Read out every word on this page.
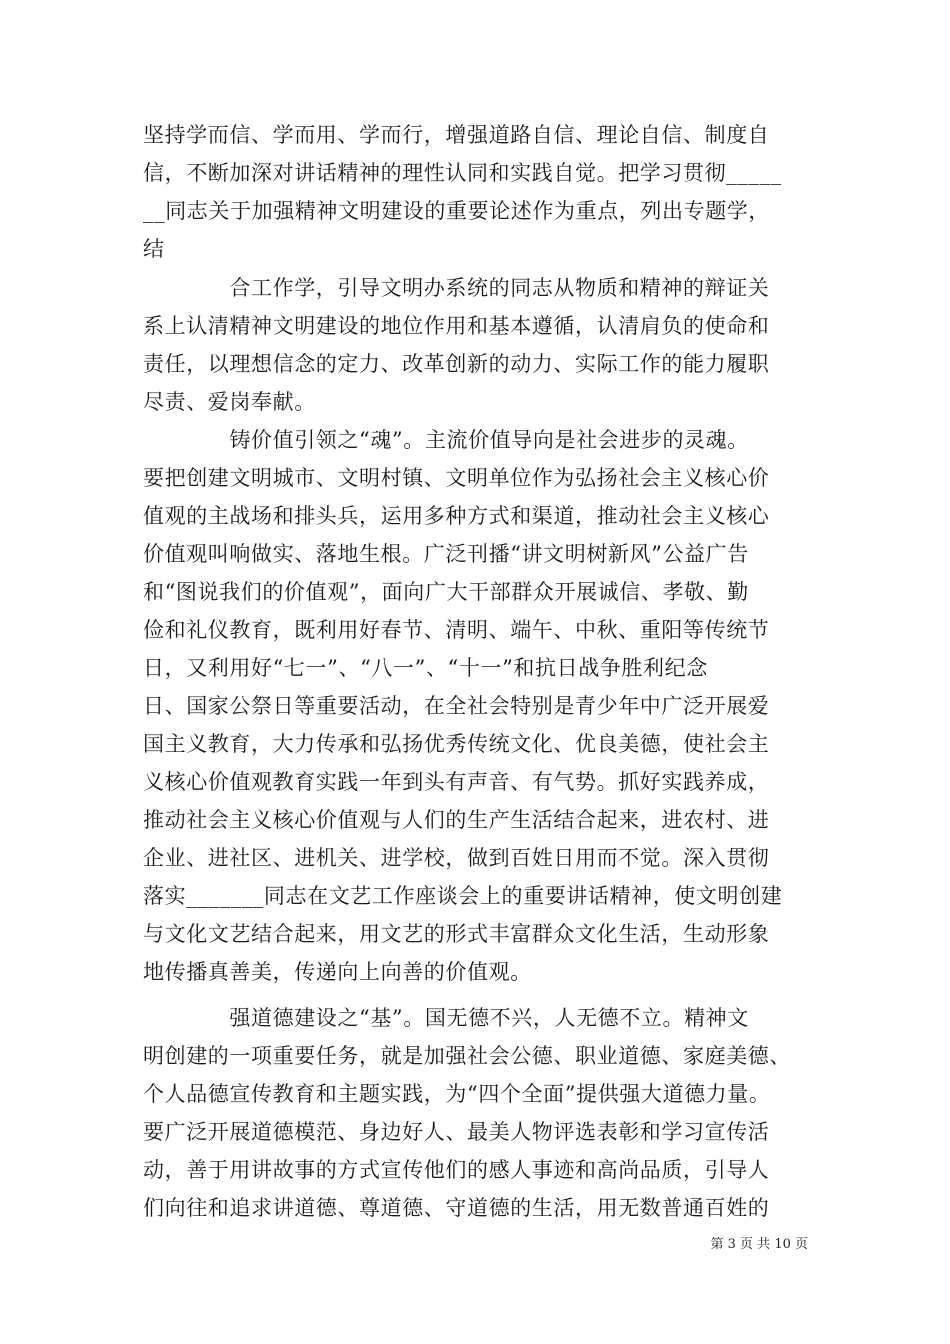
坚持学而信、学而用、学而行，增强道路自信、理论自信、制度自
信，不断加深对讲话精神的理性认同和实践自觉。把学习贯彻_____
__同志关于加强精神文明建设的重要论述作为重点，列出专题学，
结
　　　　合工作学，引导文明办系统的同志从物质和精神的辩证关
系上认清精神文明建设的地位作用和基本遵循，认清肩负的使命和
责任，以理想信念的定力、改革创新的动力、实际工作的能力履职
尽责、爱岗奉献。
　　　　铸价值引领之“魂”。主流价值导向是社会进步的灵魂。
要把创建文明城市、文明村镇、文明单位作为弘扬社会主义核心价
值观的主战场和排头兵，运用多种方式和渠道，推动社会主义核心
价值观叫响做实、落地生根。广泛刊播“讲文明树新风”公益广告
和“图说我们的价值观”，面向广大干部群众开展诚信、孝敬、勤
俭和礼仪教育，既利用好春节、清明、端午、中秋、重阳等传统节
日，又利用好“七一”、“八一”、“十一”和抗日战争胜利纪念
日、国家公祭日等重要活动，在全社会特别是青少年中广泛开展爱
国主义教育，大力传承和弘扬优秀传统文化、优良美德，使社会主
义核心价值观教育实践一年到头有声音、有气势。抓好实践养成，
推动社会主义核心价值观与人们的生产生活结合起来，进农村、进
企业、进社区、进机关、进学校，做到百姓日用而不觉。深入贯彻
落实_______同志在文艺工作座谈会上的重要讲话精神，使文明创建
与文化文艺结合起来，用文艺的形式丰富群众文化生活，生动形象
地传播真善美，传递向上向善的价值观。
　　　　强道德建设之“基”。国无德不兴，人无德不立。精神文
明创建的一项重要任务，就是加强社会公德、职业道德、家庭美德、
个人品德宣传教育和主题实践，为“四个全面”提供强大道德力量。
要广泛开展道德模范、身边好人、最美人物评选表彰和学习宣传活
动，善于用讲故事的方式宣传他们的感人事迹和高尚品质，引导人
们向往和追求讲道德、尊道德、守道德的生活，用无数普通百姓的
第 3 页 共 10 页
